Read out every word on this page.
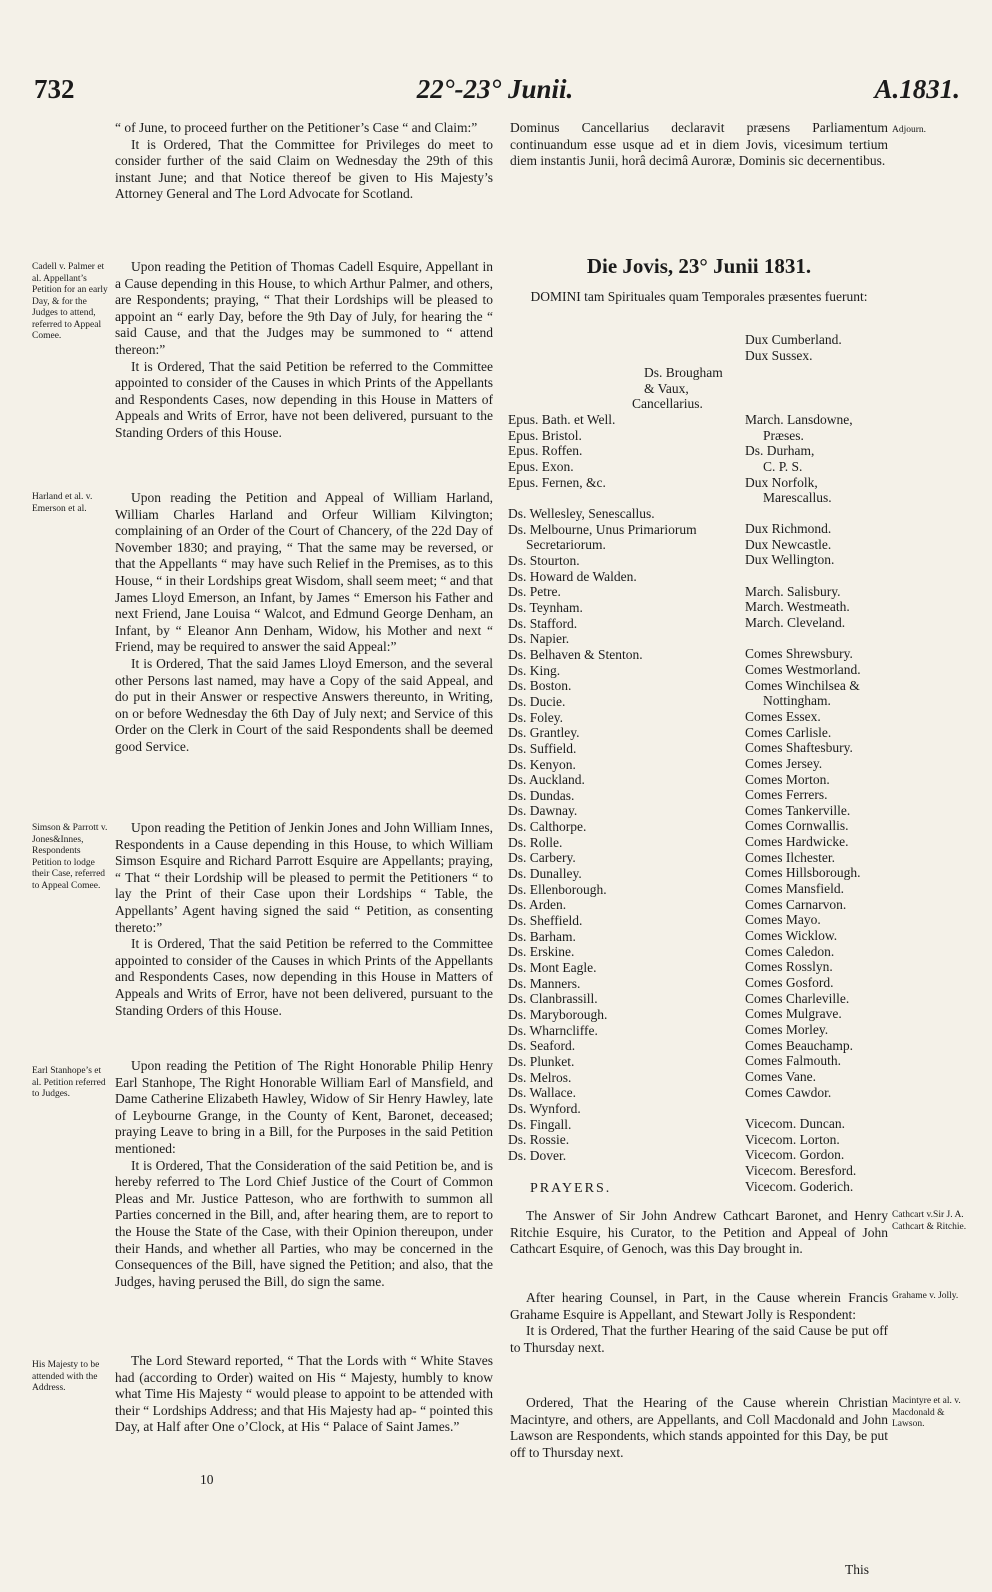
732	22°-23° Junii.	A.1831.

“ of June, to proceed further on the Petitioner’s Case “ and Claim:”

It is Ordered, That the Committee for Privileges do meet to consider further of the said Claim on Wednesday the 29th of this instant June; and that Notice thereof be given to His Majesty’s Attorney General and The Lord Advocate for Scotland.

Cadell v. Palmer et al. Appellant’s Petition for an early Day, & for the Judges to attend, referred to Appeal Comee.

Upon reading the Petition of Thomas Cadell Esquire, Appellant in a Cause depending in this House, to which Arthur Palmer, and others, are Respondents; praying, “ That their Lordships will be pleased to appoint an “ early Day, before the 9th Day of July, for hearing the “ said Cause, and that the Judges may be summoned to “ attend thereon:”

It is Ordered, That the said Petition be referred to the Committee appointed to consider of the Causes in which Prints of the Appellants and Respondents Cases, now depending in this House in Matters of Appeals and Writs of Error, have not been delivered, pursuant to the Standing Orders of this House.

Harland et al. v. Emerson et al.

Upon reading the Petition and Appeal of William Harland, William Charles Harland and Orfeur William Kilvington; complaining of an Order of the Court of Chancery, of the 22d Day of November 1830; and praying, “ That the same may be reversed, or that the Appellants “ may have such Relief in the Premises, as to this House, “ in their Lordships great Wisdom, shall seem meet; “ and that James Lloyd Emerson, an Infant, by James “ Emerson his Father and next Friend, Jane Louisa “ Walcot, and Edmund George Denham, an Infant, by “ Eleanor Ann Denham, Widow, his Mother and next “ Friend, may be required to answer the said Appeal:”

It is Ordered, That the said James Lloyd Emerson, and the several other Persons last named, may have a Copy of the said Appeal, and do put in their Answer or respective Answers thereunto, in Writing, on or before Wednesday the 6th Day of July next; and Service of this Order on the Clerk in Court of the said Respondents shall be deemed good Service.

Simson & Parrott v. Jones&Innes, Respondents Petition to lodge their Case, referred to Appeal Comee.

Upon reading the Petition of Jenkin Jones and John William Innes, Respondents in a Cause depending in this House, to which William Simson Esquire and Richard Parrott Esquire are Appellants; praying, “ That “ their Lordship will be pleased to permit the Petitioners “ to lay the Print of their Case upon their Lordships “ Table, the Appellants’ Agent having signed the said “ Petition, as consenting thereto:”

It is Ordered, That the said Petition be referred to the Committee appointed to consider of the Causes in which Prints of the Appellants and Respondents Cases, now depending in this House in Matters of Appeals and Writs of Error, have not been delivered, pursuant to the Standing Orders of this House.

Earl Stanhope’s et al. Petition referred to Judges.

Upon reading the Petition of The Right Honorable Philip Henry Earl Stanhope, The Right Honorable William Earl of Mansfield, and Dame Catherine Elizabeth Hawley, Widow of Sir Henry Hawley, late of Leybourne Grange, in the County of Kent, Baronet, deceased; praying Leave to bring in a Bill, for the Purposes in the said Petition mentioned:

It is Ordered, That the Consideration of the said Petition be, and is hereby referred to The Lord Chief Justice of the Court of Common Pleas and Mr. Justice Patteson, who are forthwith to summon all Parties concerned in the Bill, and, after hearing them, are to report to the House the State of the Case, with their Opinion thereupon, under their Hands, and whether all Parties, who may be concerned in the Consequences of the Bill, have signed the Petition; and also, that the Judges, having perused the Bill, do sign the same.

His Majesty to be attended with the Address.

The Lord Steward reported, “ That the Lords with “ White Staves had (according to Order) waited on His “ Majesty, humbly to know what Time His Majesty “ would please to appoint to be attended with their “ Lordships Address; and that His Majesty had ap- “ pointed this Day, at Half after One o’Clock, at His “ Palace of Saint James.”

10

Dominus Cancellarius declaravit præsens Parliamentum continuandum esse usque ad et in diem Jovis, vicesimum tertium diem instantis Junii, horâ decimâ Auroræ, Dominis sic decernentibus.

Adjourn.
Die Jovis, 23° Junii 1831.
DOMINI tam Spirituales quam Temporales præsentes fuerunt:
Dux Cumberland.
Dux Sussex.
Ds. Brougham
& Vaux,
Cancellarius.
Epus. Bath. et Well.
Epus. Bristol.
Epus. Roffen.
Epus. Exon.
Epus. Fernen, &c.
March. Lansdowne,
Præses.
Ds. Durham,
C. P. S.
Dux Norfolk,
Marescallus.
Ds. Wellesley, Senescallus.
Ds. Melbourne, Unus Primariorum
Secretariorum.
Ds. Stourton.
Ds. Howard de Walden.
Ds. Petre.
Ds. Teynham.
Ds. Stafford.
Ds. Napier.
Ds. Belhaven & Stenton.
Ds. King.
Ds. Boston.
Ds. Ducie.
Ds. Foley.
Ds. Grantley.
Ds. Suffield.
Ds. Kenyon.
Ds. Auckland.
Ds. Dundas.
Ds. Dawnay.
Ds. Calthorpe.
Ds. Rolle.
Ds. Carbery.
Ds. Dunalley.
Ds. Ellenborough.
Ds. Arden.
Ds. Sheffield.
Ds. Barham.
Ds. Erskine.
Ds. Mont Eagle.
Ds. Manners.
Ds. Clanbrassill.
Ds. Maryborough.
Ds. Wharncliffe.
Ds. Seaford.
Ds. Plunket.
Ds. Melros.
Ds. Wallace.
Ds. Wynford.
Ds. Fingall.
Ds. Rossie.
Ds. Dover.
Dux Richmond.
Dux Newcastle.
Dux Wellington.

March. Salisbury.
March. Westmeath.
March. Cleveland.

Comes Shrewsbury.
Comes Westmorland.
Comes Winchilsea &
Nottingham.
Comes Essex.
Comes Carlisle.
Comes Shaftesbury.
Comes Jersey.
Comes Morton.
Comes Ferrers.
Comes Tankerville.
Comes Cornwallis.
Comes Hardwicke.
Comes Ilchester.
Comes Hillsborough.
Comes Mansfield.
Comes Carnarvon.
Comes Mayo.
Comes Wicklow.
Comes Caledon.
Comes Rosslyn.
Comes Gosford.
Comes Charleville.
Comes Mulgrave.
Comes Morley.
Comes Beauchamp.
Comes Falmouth.
Comes Vane.
Comes Cawdor.

Vicecom. Duncan.
Vicecom. Lorton.
Vicecom. Gordon.
Vicecom. Beresford.
Vicecom. Goderich.
PRAYERS.

The Answer of Sir John Andrew Cathcart Baronet, and Henry Ritchie Esquire, his Curator, to the Petition and Appeal of John Cathcart Esquire, of Genoch, was this Day brought in.

Cathcart v.Sir J. A. Cathcart & Ritchie.

After hearing Counsel, in Part, in the Cause wherein Francis Grahame Esquire is Appellant, and Stewart Jolly is Respondent:

It is Ordered, That the further Hearing of the said Cause be put off to Thursday next.

Grahame v. Jolly.

Ordered, That the Hearing of the Cause wherein Christian Macintyre, and others, are Appellants, and Coll Macdonald and John Lawson are Respondents, which stands appointed for this Day, be put off to Thursday next.

Macintyre et al. v. Macdonald & Lawson.
This
